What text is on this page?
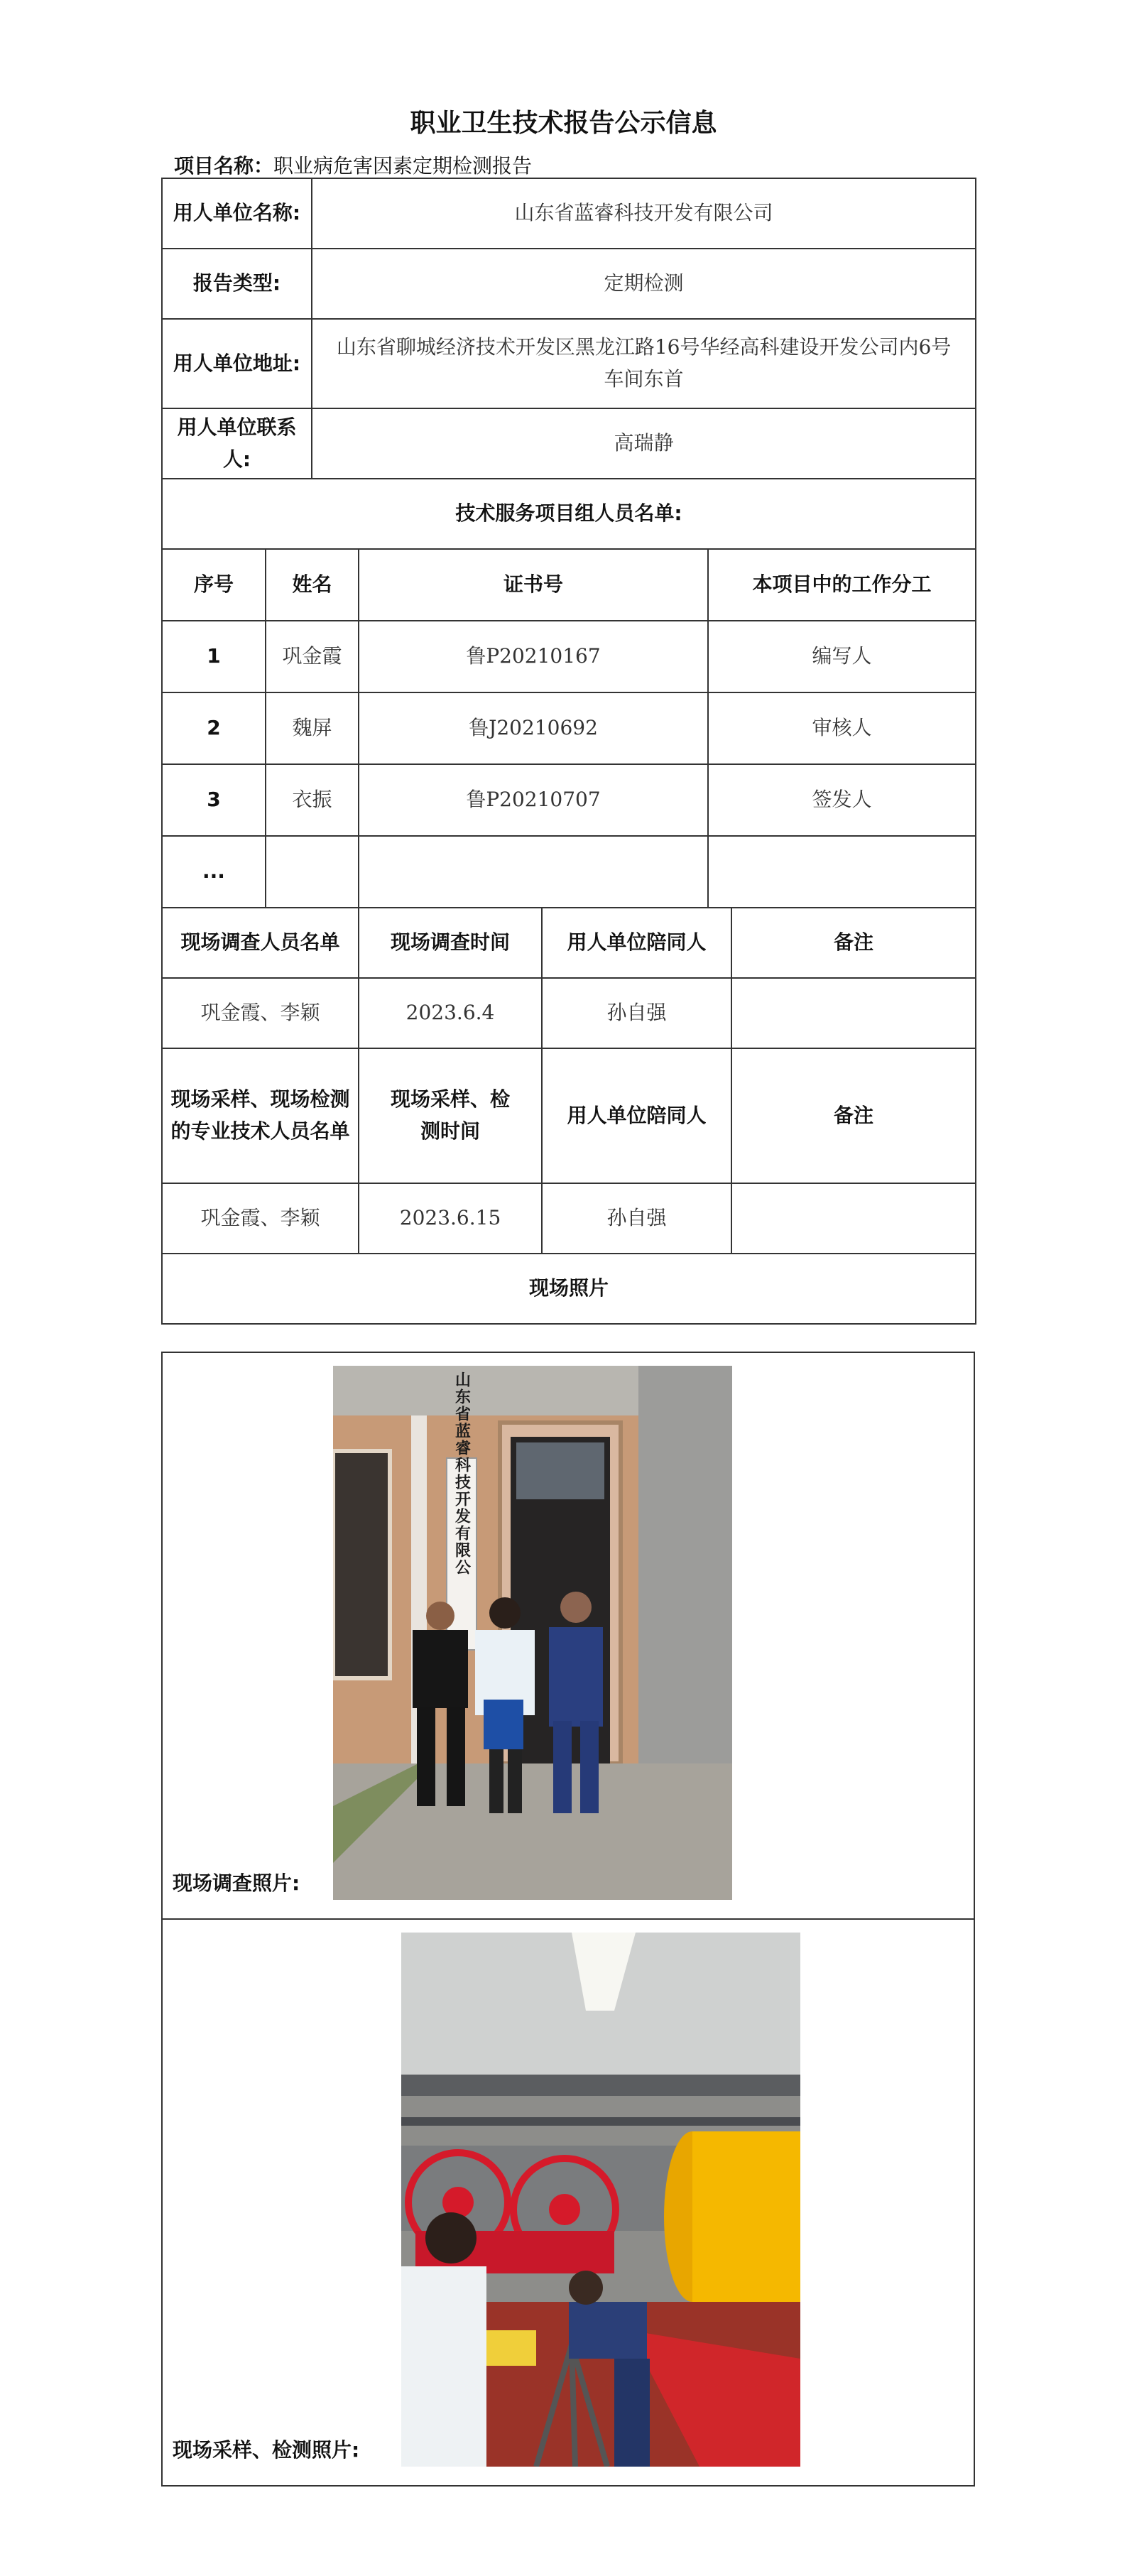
职业卫生技术报告公示信息
项目名称：职业病危害因素定期检测报告
用人单位名称:		山东省蓝睿科技开发有限公司				
报告类型:		定期检测				
用人单位地址:		山东省聊城经济技术开发区黑龙江路16号华经高科建设开发公司内6号车间东首				
用人单位联系人:		高瑞静				
技术服务项目组人员名单:						
序号	姓名		证书号		本项目中的工作分工	
1	巩金霞		鲁P20210167		编写人	
2	魏屏		鲁J20210692		审核人	
3	衣振		鲁P20210707		签发人	
...						
现场调查人员名单			现场调查时间	用人单位陪同人		备注
巩金霞、李颖			2023.6.4	孙自强		
现场采样、现场检测的专业技术人员名单			现场采样、检测时间	用人单位陪同人		备注
巩金霞、李颖			2023.6.15	孙自强		
现场照片						
现场调查照片:
山东省蓝睿科技开发有限公

现场采样、检测照片:
